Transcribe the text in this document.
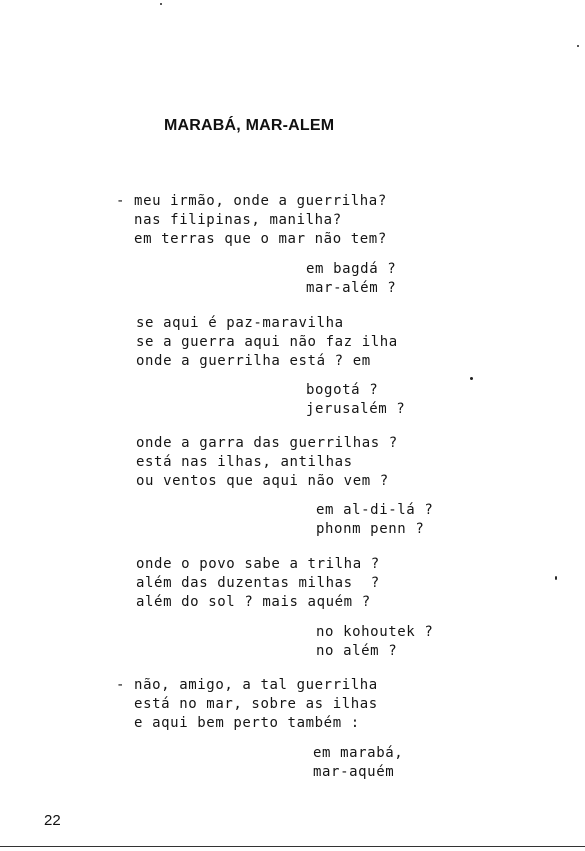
MARABÁ, MAR-ALEM
- meu irmão, onde a guerrilha?
nas filipinas, manilha?
em terras que o mar não tem?
em bagdá ?
mar-além ?
se aqui é paz-maravilha
se a guerra aqui não faz ilha
onde a guerrilha está ? em
bogotá ?
jerusalém ?
onde a garra das guerrilhas ?
está nas ilhas, antilhas
ou ventos que aqui não vem ?
em al-di-lá ?
phonm penn ?
onde o povo sabe a trilha ?
além das duzentas milhas  ?
além do sol ? mais aquém ?
no kohoutek ?
no além ?
- não, amigo, a tal guerrilha
está no mar, sobre as ilhas
e aqui bem perto também :
em marabá,
mar-aquém
22
